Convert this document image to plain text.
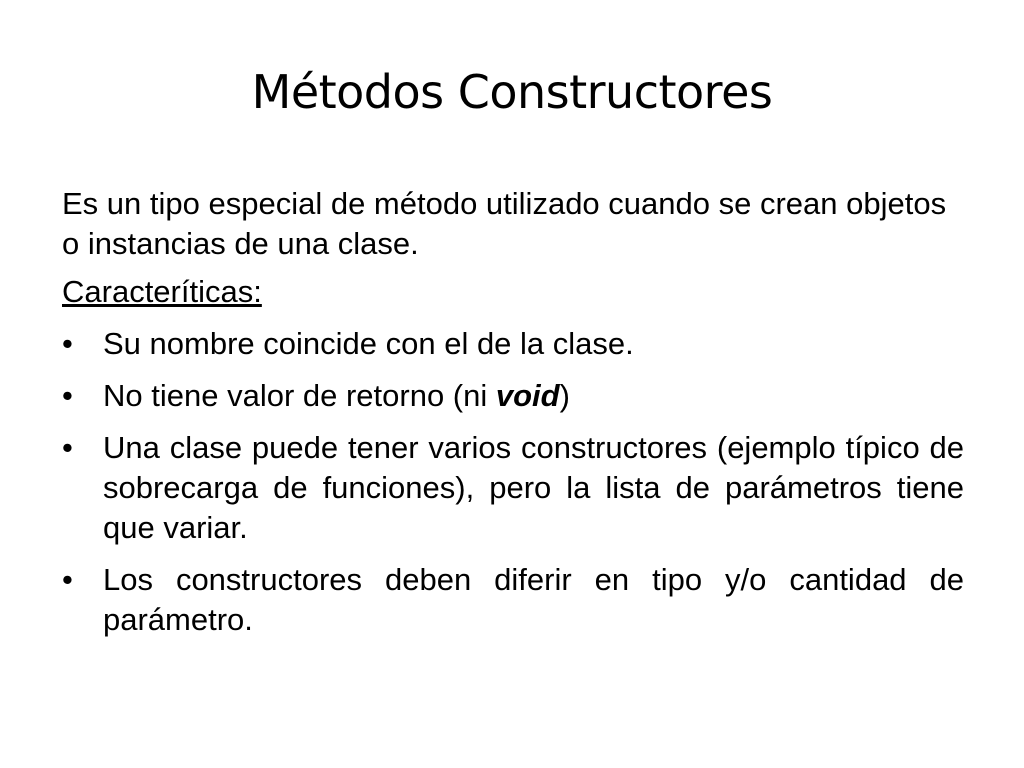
Métodos Constructores
Es un tipo especial de método utilizado cuando se crean objetos o instancias de una clase.
Caracteríticas:
• Su nombre coincide con el de la clase.
• No tiene valor de retorno (ni void)
• Una clase puede tener varios constructores (ejemplo típico de sobrecarga de funciones), pero la lista de parámetros tiene que variar.
• Los constructores deben diferir en tipo y/o cantidad de parámetro.
